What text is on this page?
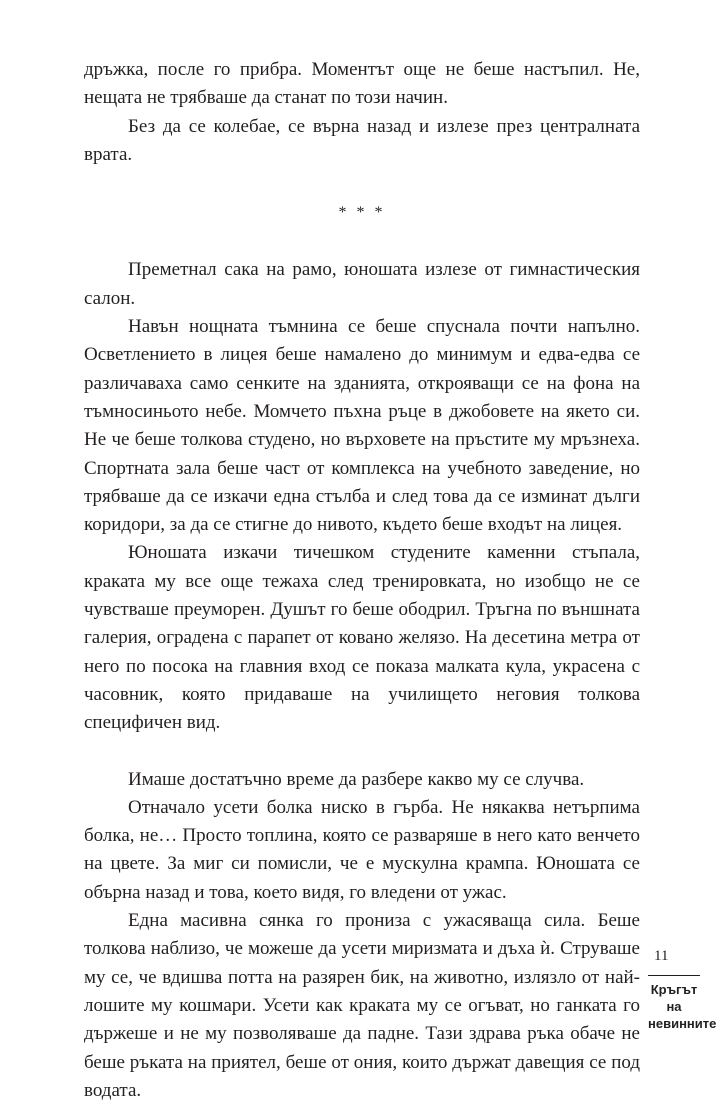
дръжка, после го прибра. Моментът още не беше настъпил. Не, нещата не трябваше да станат по този начин.

Без да се колебае, се върна назад и излезе през централната врата.

* * *

Преметнал сака на рамо, юношата излезе от гимнастическия салон.

Навън нощната тъмнина се беше спуснала почти напълно. Осветлението в лицея беше намалено до минимум и едва-едва се различаваха само сенките на зданията, открояващи се на фона на тъмносиньото небе. Момчето пъхна ръце в джобовете на якето си. Не че беше толкова студено, но върховете на пръстите му мръзнеха. Спортната зала беше част от комплекса на учебното заведение, но трябваше да се изкачи една стълба и след това да се изминат дълги коридори, за да се стигне до нивото, където беше входът на лицея.

Юношата изкачи тичешком студените каменни стъпала, краката му все още тежаха след тренировката, но изобщо не се чувстваше преуморен. Душът го беше ободрил. Тръгна по външната галерия, оградена с парапет от ковано желязо. На десетина метра от него по посока на главния вход се показа малката кула, украсена с часовник, която придаваше на училището неговия толкова специфичен вид.

Имаше достатъчно време да разбере какво му се случва.

Отначало усети болка ниско в гърба. Не някаква нетърпима болка, не… Просто топлина, която се разваряше в него като венчето на цвете. За миг си помисли, че е мускулна крампа. Юношата се обърна назад и това, което видя, го вледени от ужас.

Една масивна сянка го прониза с ужасяваща сила. Беше толкова наблизо, че можеше да усети миризмата и дъха ѝ. Струваше му се, че вдишва потта на разярен бик, на животно, излязло от най-лошите му кошмари. Усети как краката му се огъват, но ганката го държеше и не му позволяваше да падне. Тази здрава ръка обаче не беше ръката на приятел, беше от ония, които държат давещия се под водата.

11
Кръгът на невинните
